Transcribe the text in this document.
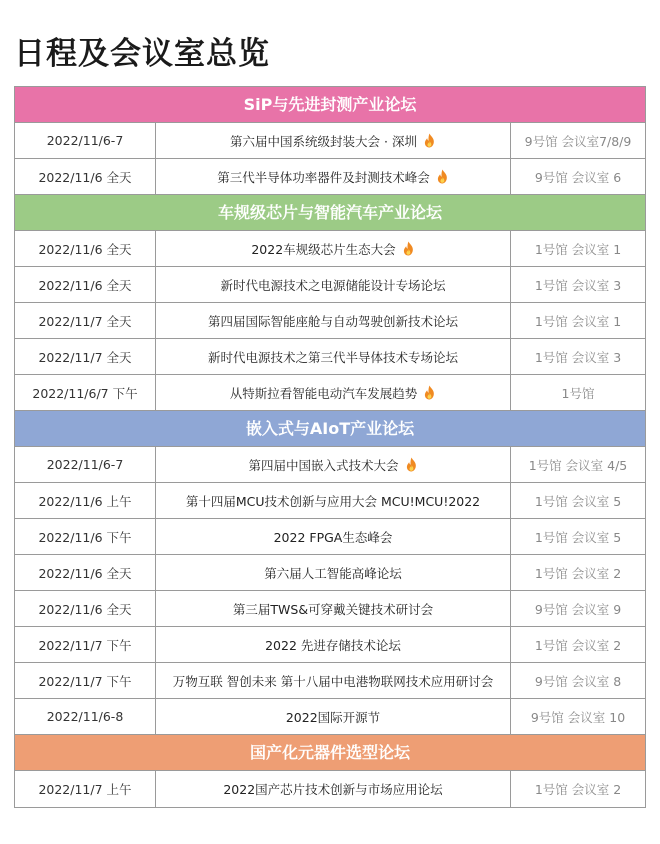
日程及会议室总览
SiP与先进封测产业论坛
2022/11/6-7	第六届中国系统级封装大会 · 深圳	9号馆 会议室7/8/9
2022/11/6 全天	第三代半导体功率器件及封测技术峰会	9号馆 会议室 6
车规级芯片与智能汽车产业论坛
2022/11/6 全天	2022车规级芯片生态大会	1号馆 会议室 1
2022/11/6 全天	新时代电源技术之电源储能设计专场论坛	1号馆 会议室 3
2022/11/7 全天	第四届国际智能座舱与自动驾驶创新技术论坛	1号馆 会议室 1
2022/11/7 全天	新时代电源技术之第三代半导体技术专场论坛	1号馆 会议室 3
2022/11/6/7 下午	从特斯拉看智能电动汽车发展趋势	1号馆
嵌入式与AIoT产业论坛
2022/11/6-7	第四届中国嵌入式技术大会	1号馆 会议室 4/5
2022/11/6 上午	第十四届MCU技术创新与应用大会 MCU!MCU!2022	1号馆 会议室 5
2022/11/6 下午	2022 FPGA生态峰会	1号馆 会议室 5
2022/11/6 全天	第六届人工智能高峰论坛	1号馆 会议室 2
2022/11/6 全天	第三届TWS&可穿戴关键技术研讨会	9号馆 会议室 9
2022/11/7 下午	2022 先进存储技术论坛	1号馆 会议室 2
2022/11/7 下午	万物互联 智创未来 第十八届中电港物联网技术应用研讨会	9号馆 会议室 8
2022/11/6-8	2022国际开源节	9号馆 会议室 10
国产化元器件选型论坛
2022/11/7 上午	2022国产芯片技术创新与市场应用论坛	1号馆 会议室 2
